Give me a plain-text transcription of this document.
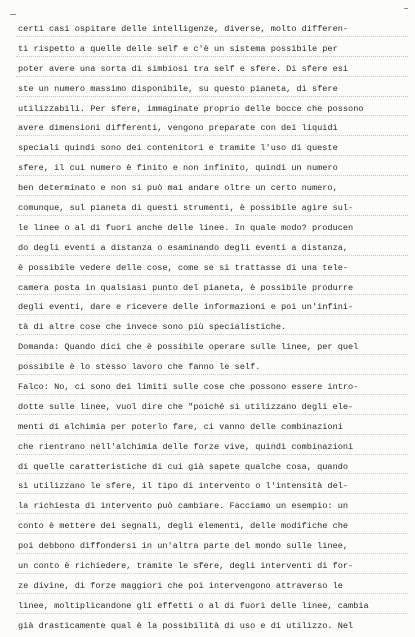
certi casi ospitare delle intelligenze, diverse, molto differen-
ti rispetto a quelle delle self e c'è un sistema possibile per
poter avere una sorta di simbiosi tra self e sfere. Di sfere esi
ste un numero massimo disponibile, su questo pianeta, di sfere
utilizzabili. Per sfere, immaginate proprio delle bocce che possono
avere dimensioni differenti, vengono preparate con dei liquidi
speciali quindi sono dei contenitori e tramite l'uso di queste
sfere, il cui numero è finito e non infinito, quindi un numero
ben determinato e non si può mai andare oltre un certo numero,
comunque, sul pianeta di questi strumenti, è possibile agire sul-
le linee o al di fuori anche delle linee. In quale modo? producen
do degli eventi a distanza o esaminando degli eventi a distanza,
è possibile vedere delle cose, come se si trattasse di una tele-
camera posta in qualsiasi punto del pianeta, è possibile produrre
degli eventi, dare e ricevere delle informazioni e poi un'infini-
tà di altre cose che invece sono più specialistiche.
Domanda: Quando dici che è possibile operare sulle linee, per quel
possibile è lo stesso lavoro che fanno le self.
Falco: No, ci sono dei limiti sulle cose che possono essere intro-
dotte sulle linee, vuol dire che "poiché si utilizzano degli ele-
menti di alchimia per poterlo fare, ci vanno delle combinazioni
che rientrano nell'alchimia delle forze vive, quindi combinazioni
di quelle caratteristiche di cui già sapete qualche cosa, quando
si utilizzano le sfere, il tipo di intervento o l'intensità del-
la richiesta di intervento può cambiare. Facciamo un esempio: un
conto è mettere dei segnali, degli elementi, delle modifiche che
poi debbono diffondersi in un'altra parte del mondo sulle linee,
un conto è richiedere, tramite le sfere, degli interventi di for-
ze divine, di forze maggiori che poi intervengono attraverso le
linee, moltiplicandone gli effetti o al di fuori delle linee, cambia
già drasticamente qual è la possibilità di uso e di utilizzo. Nel
